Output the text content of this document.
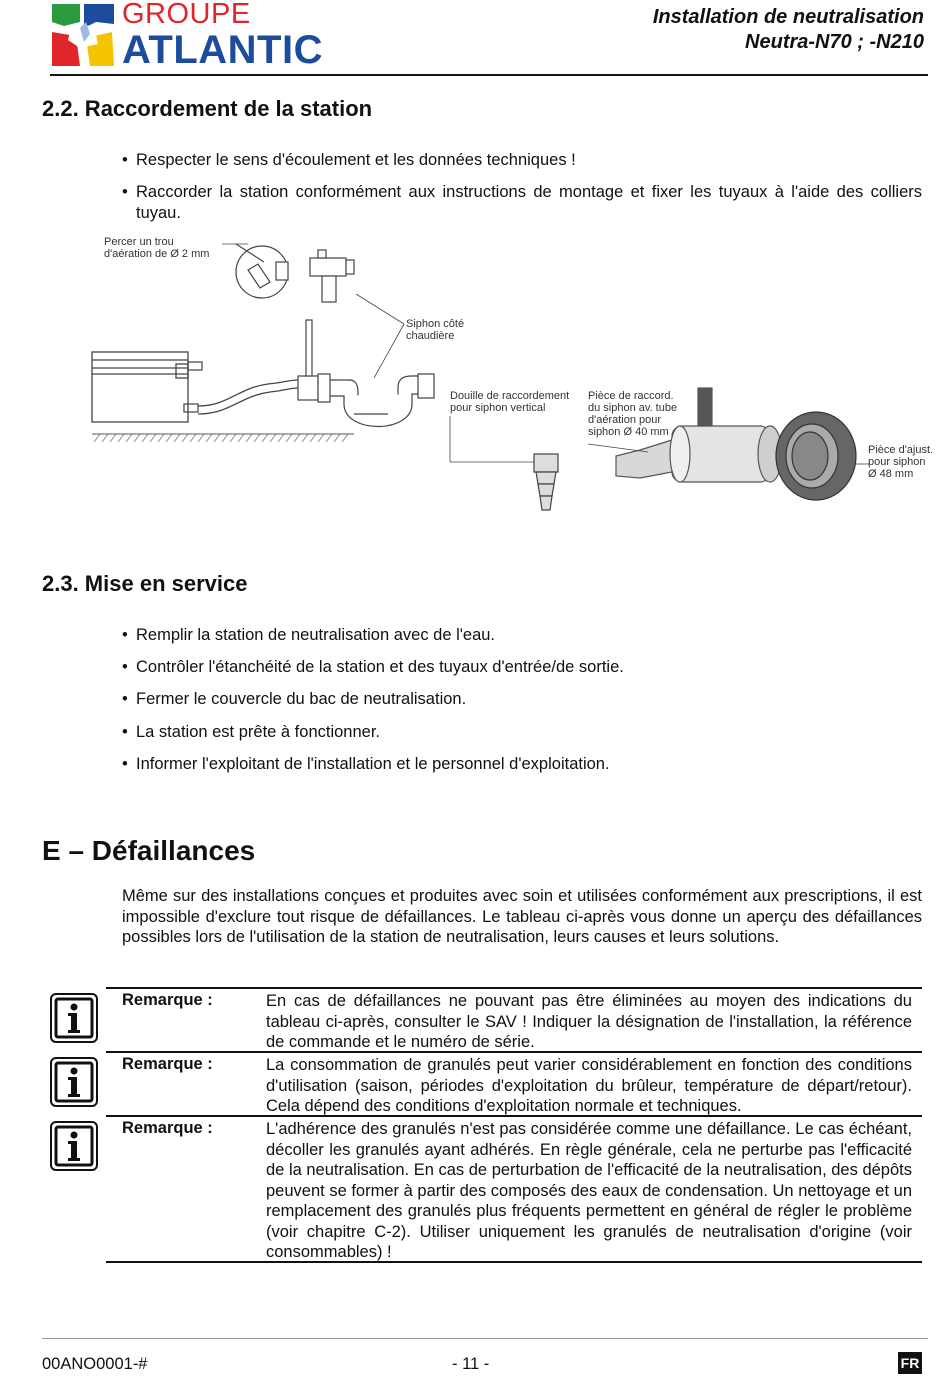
GROUPE
ATLANTIC
Installation de neutralisation
Neutra-N70 ; -N210
2.2. Raccordement de la station
• Respecter le sens d'écoulement et les données techniques !
• Raccorder la station conformément aux instructions de montage et fixer les tuyaux à l'aide des colliers tuyau.
Percer un trou
d'aération de Ø 2 mm
Siphon côté
chaudière
Douille de raccordement
pour siphon vertical
Pièce de raccord.
du siphon av. tube
d'aération pour
siphon Ø 40 mm
Pièce d'ajust.
pour siphon
Ø 48 mm
2.3. Mise en service
• Remplir la station de neutralisation avec de l'eau.
• Contrôler l'étanchéité de la station et des tuyaux d'entrée/de sortie.
• Fermer le couvercle du bac de neutralisation.
• La station est prête à fonctionner.
• Informer l'exploitant de l'installation et le personnel d'exploitation.
E – Défaillances
Même sur des installations conçues et produites avec soin et utilisées conformément aux prescriptions, il est impossible d'exclure tout risque de défaillances. Le tableau ci-après vous donne un aperçu des défaillances possibles lors de l'utilisation de la station de neutralisation, leurs causes et leurs solutions.
Remarque :	En cas de défaillances ne pouvant pas être éliminées au moyen des indications du tableau ci-après, consulter le SAV ! Indiquer la désignation de l'installation, la référence de commande et le numéro de série.
Remarque :	La consommation de granulés peut varier considérablement en fonction des conditions d'utilisation (saison, périodes d'exploitation du brûleur, température de départ/retour). Cela dépend des conditions d'exploitation normale et techniques.
Remarque :	L'adhérence des granulés n'est pas considérée comme une défaillance. Le cas échéant, décoller les granulés ayant adhérés. En règle générale, cela ne perturbe pas l'efficacité de la neutralisation. En cas de perturbation de l'efficacité de la neutralisation, des dépôts peuvent se former à partir des composés des eaux de condensation. Un nettoyage et un remplacement des granulés plus fréquents permettent en général de régler le problème (voir chapitre C-2). Utiliser uniquement les granulés de neutralisation d'origine (voir consommables) !
00ANO0001-#	- 11 -	FR
